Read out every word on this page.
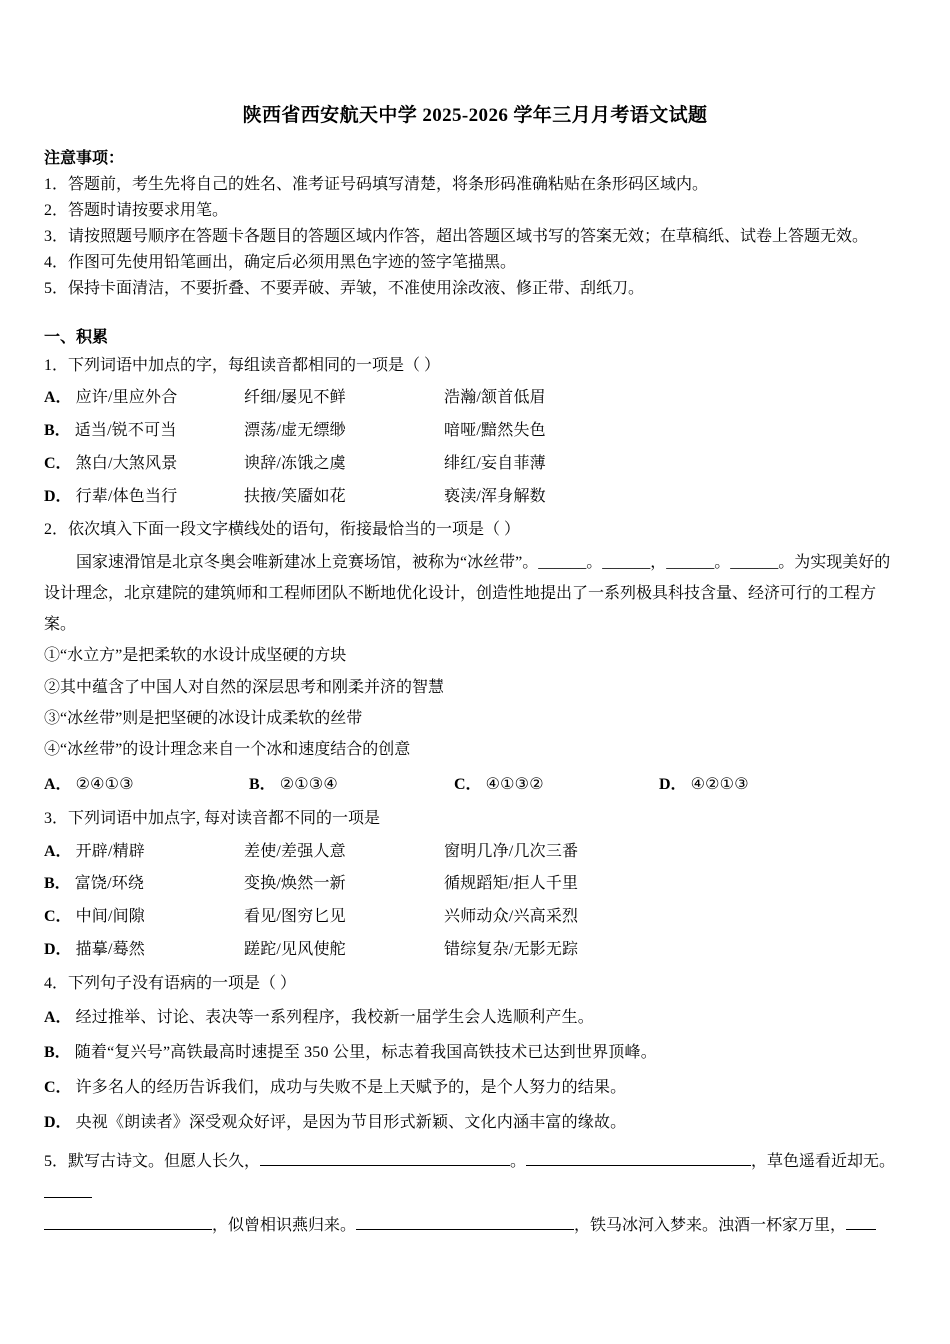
陕西省西安航天中学 2025-2026 学年三月月考语文试题

注意事项：

1．答题前，考生先将自己的姓名、准考证号码填写清楚，将条形码准确粘贴在条形码区域内。

2．答题时请按要求用笔。

3．请按照题号顺序在答题卡各题目的答题区域内作答，超出答题区域书写的答案无效；在草稿纸、试卷上答题无效。

4．作图可先使用铅笔画出，确定后必须用黑色字迹的签字笔描黑。

5．保持卡面清洁，不要折叠、不要弄破、弄皱，不准使用涂改液、修正带、刮纸刀。

一、积累

1．下列词语中加点的字，每组读音都相同的一项是（ ）

A． 应许/里应外合	纤细/屡见不鲜	浩瀚/颔首低眉
B． 适当/锐不可当	漂荡/虚无缥缈	喑哑/黯然失色
C． 煞白/大煞风景	谀辞/冻饿之虞	绯红/妄自菲薄
D． 行辈/体色当行	扶掖/笑靥如花	亵渎/浑身解数

2．依次填入下面一段文字横线处的语句，衔接最恰当的一项是（ ）

国家速滑馆是北京冬奥会唯新建冰上竞赛场馆，被称为“冰丝带”。______。______，______。______。为实现美好的设计理念，北京建院的建筑师和工程师团队不断地优化设计，创造性地提出了一系列极具科技含量、经济可行的工程方案。

①“水立方”是把柔软的水设计成坚硬的方块

②其中蕴含了中国人对自然的深层思考和刚柔并济的智慧

③“冰丝带”则是把坚硬的冰设计成柔软的丝带

④“冰丝带”的设计理念来自一个冰和速度结合的创意

A． ②④①③	B． ②①③④	C． ④①③②	D． ④②①③

3．下列词语中加点字, 每对读音都不同的一项是

A． 开辟/精辟	差使/差强人意	窗明几净/几次三番
B． 富饶/环绕	变换/焕然一新	循规蹈矩/拒人千里
C． 中间/间隙	看见/图穷匕见	兴师动众/兴高采烈
D． 描摹/蓦然	蹉跎/见风使舵	错综复杂/无影无踪

4．下列句子没有语病的一项是（ ）

A． 经过推举、讨论、表决等一系列程序，我校新一届学生会人选顺利产生。
B． 随着“复兴号”高铁最高时速提至 350 公里，标志着我国高铁技术已达到世界顶峰。
C． 许多名人的经历告诉我们，成功与失败不是上天赋予的，是个人努力的结果。
D． 央视《朗读者》深受观众好评，是因为节目形式新颖、文化内涵丰富的缘故。

5．默写古诗文。但愿人长久，	。	，草色遥看近却无。

，似曾相识燕归来。	，铁马冰河入梦来。浊酒一杯家万里，
